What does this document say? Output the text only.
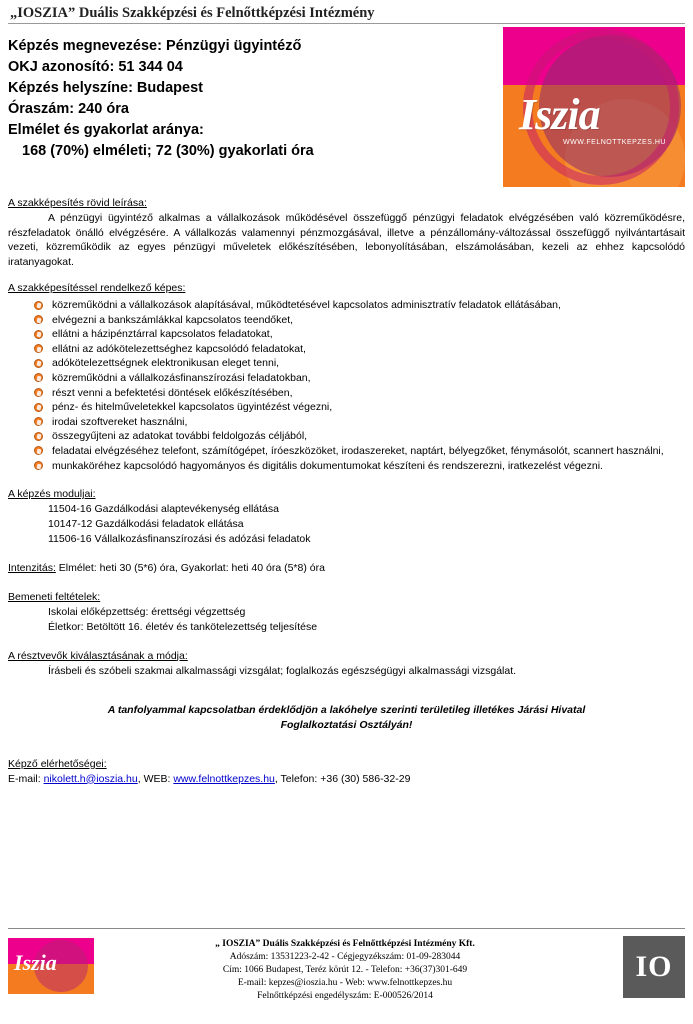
„IOSZIA” Duális Szakképzési és Felnőttképzési Intézmény
Iszia
WWW.FELNOTTKEPZES.HU
Képzés megnevezése: Pénzügyi ügyintéző
OKJ azonosító: 51 344 04
Képzés helyszíne: Budapest
Óraszám: 240 óra
Elmélet és gyakorlat aránya:
168 (70%) elméleti; 72 (30%) gyakorlati óra
A szakképesítés rövid leírása:
A pénzügyi ügyintéző alkalmas a vállalkozások működésével összefüggő pénzügyi feladatok elvégzésében való közreműködésre, részfeladatok önálló elvégzésére. A vállalkozás valamennyi pénzmozgásával, illetve a pénzállomány-változással összefüggő nyilvántartásait vezeti, közreműködik az egyes pénzügyi műveletek előkészítésében, lebonyolításában, elszámolásában, kezeli az ehhez kapcsolódó iratanyagokat.
A szakképesítéssel rendelkező képes:
közreműködni a vállalkozások alapításával, működtetésével kapcsolatos adminisztratív feladatok ellátásában,
elvégezni a bankszámlákkal kapcsolatos teendőket,
ellátni a házipénztárral kapcsolatos feladatokat,
ellátni az adókötelezettséghez kapcsolódó feladatokat,
adókötelezettségnek elektronikusan eleget tenni,
közreműködni a vállalkozásfinanszírozási feladatokban,
részt venni a befektetési döntések előkészítésében,
pénz- és hitelműveletekkel kapcsolatos ügyintézést végezni,
irodai szoftvereket használni,
összegyűjteni az adatokat további feldolgozás céljából,
feladatai elvégzéséhez telefont, számítógépet, íróeszközöket, irodaszereket, naptárt, bélyegzőket, fénymásolót, scannert használni,
munkaköréhez kapcsolódó hagyományos és digitális dokumentumokat készíteni és rendszerezni, iratkezelést végezni.
A képzés moduljai:
11504-16 Gazdálkodási alaptevékenység ellátása
10147-12 Gazdálkodási feladatok ellátása
11506-16 Vállalkozásfinanszírozási és adózási feladatok
Intenzitás: Elmélet: heti 30 (5*6) óra, Gyakorlat: heti 40 óra (5*8) óra
Bemeneti feltételek:
Iskolai előképzettség: érettségi végzettség
Életkor: Betöltött 16. életév és tankötelezettség teljesítése
A résztvevők kiválasztásának a módja:
Írásbeli és szóbeli szakmai alkalmassági vizsgálat; foglalkozás egészségügyi alkalmassági vizsgálat.
A tanfolyammal kapcsolatban érdeklődjön a lakóhelye szerinti területileg illetékes Járási Hivatal
Foglalkoztatási Osztályán!
Képző elérhetőségei:
E-mail: nikolett.h@ioszia.hu, WEB: www.felnottkepzes.hu, Telefon: +36 (30) 586-32-29
Iszia
„ IOSZIA” Duális Szakképzési és Felnőttképzési Intézmény Kft.
Adószám: 13531223-2-42 - Cégjegyzékszám: 01-09-283044
Cím: 1066 Budapest, Teréz körút 12. - Telefon: +36(37)301-649
E-mail: kepzes@ioszia.hu - Web: www.felnottkepzes.hu
Felnőttképzési engedélyszám: E-000526/2014
IO
